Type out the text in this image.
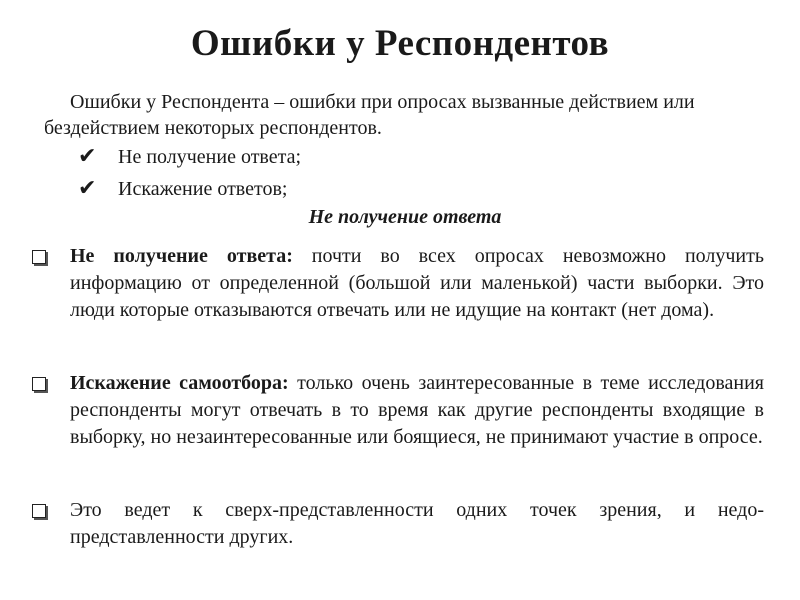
Ошибки у Респондентов
Ошибки у Респондента – ошибки при опросах вызванные действием или бездействием некоторых респондентов.
✔	Не получение ответа;
✔	Искажение ответов;
Не получение ответа
Не получение ответа: почти во всех опросах невозможно получить информацию от определенной (большой или маленькой) части выборки. Это люди которые отказываются отвечать или не идущие на контакт (нет дома).
Искажение самоотбора: только очень заинтересованные в теме исследования респонденты могут отвечать в то время как другие респонденты входящие в выборку, но незаинтересованные или боящиеся, не принимают участие в опросе.
Это ведет к сверх-представленности одних точек зрения, и недо-представленности других.
